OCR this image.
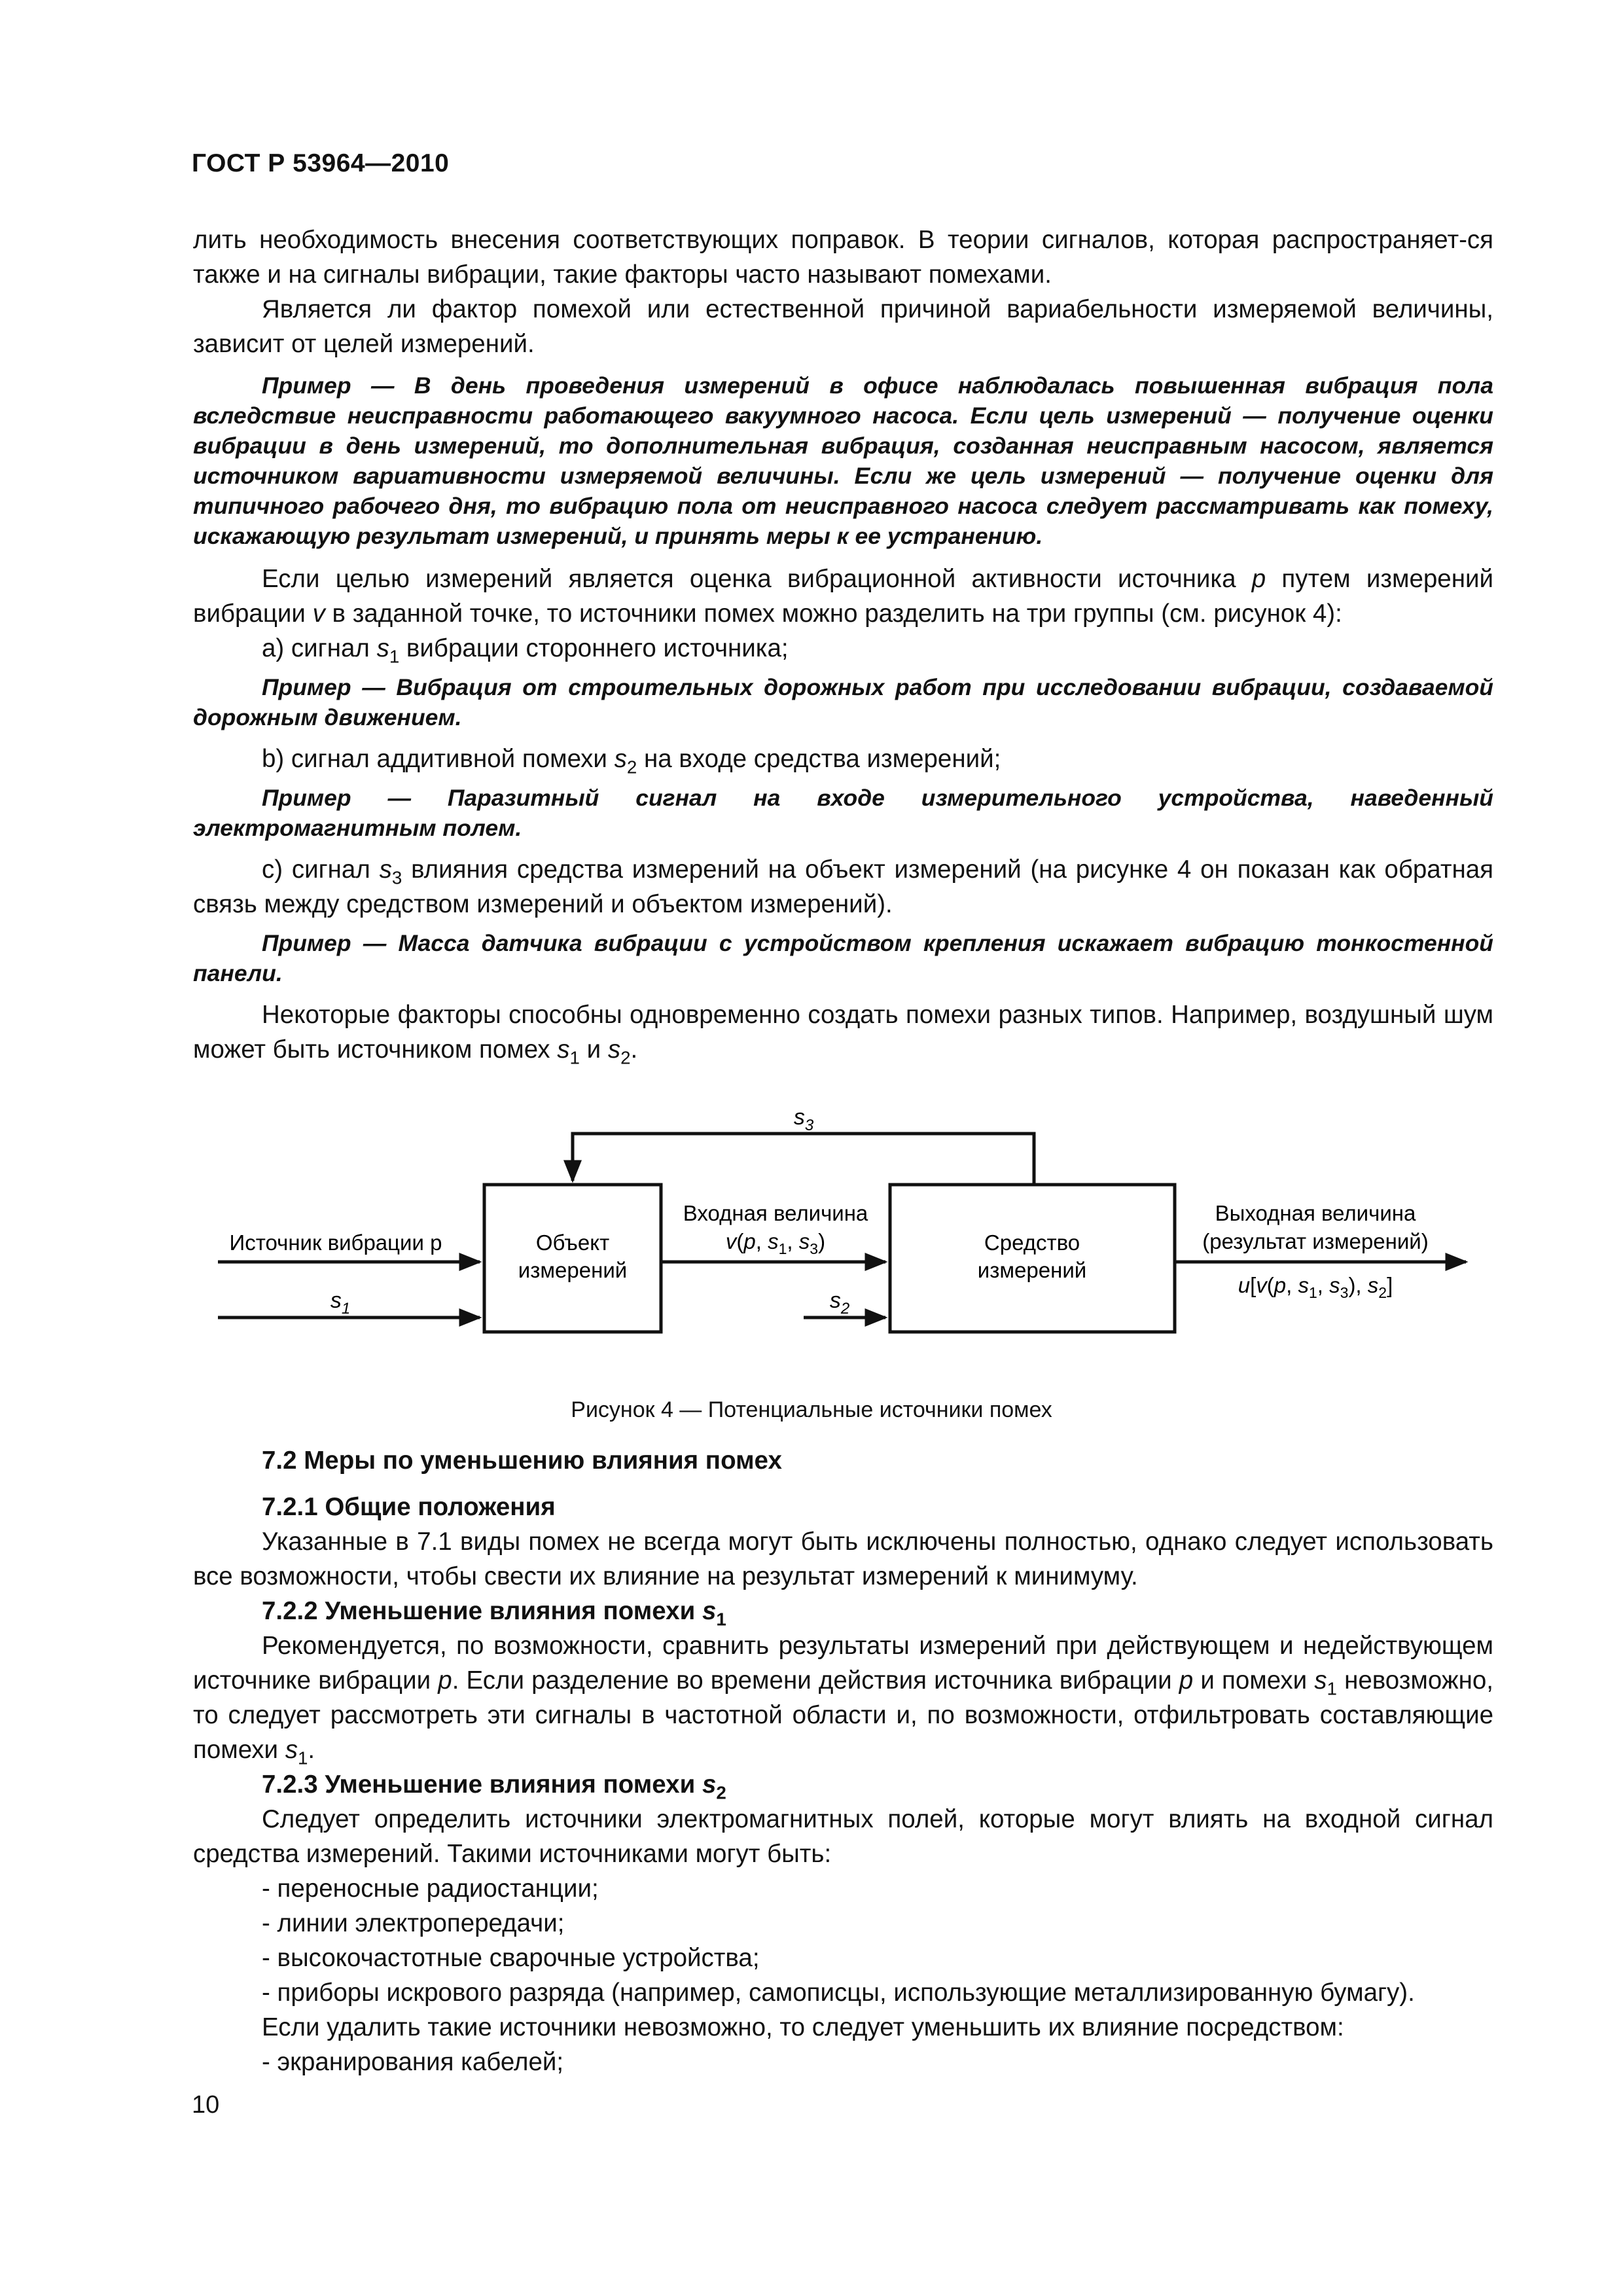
ГОСТ Р 53964—2010

лить необходимость внесения соответствующих поправок. В теории сигналов, которая распространяет-ся также и на сигналы вибрации, такие факторы часто называют помехами.

Является ли фактор помехой или естественной причиной вариабельности измеряемой величины, зависит от целей измерений.

Пример — В день проведения измерений в офисе наблюдалась повышенная вибрация пола вследствие неисправности работающего вакуумного насоса. Если цель измерений — получение оценки вибрации в день измерений, то дополнительная вибрация, созданная неисправным насосом, является источником вариативности измеряемой величины. Если же цель измерений — получение оценки для типичного рабочего дня, то вибрацию пола от неисправного насоса следует рассматривать как помеху, искажающую результат измерений, и принять меры к ее устранению.

Если целью измерений является оценка вибрационной активности источника p путем измерений вибрации v в заданной точке, то источники помех можно разделить на три группы (см. рисунок 4):

а) сигнал $s_1$ вибрации стороннего источника;

Пример — Вибрация от строительных дорожных работ при исследовании вибрации, создаваемой дорожным движением.

b) сигнал аддитивной помехи $s_2$ на входе средства измерений;

Пример — Паразитный сигнал на входе измерительного устройства, наведенный электромагнитным полем.

c) сигнал $s_3$ влияния средства измерений на объект измерений (на рисунке 4 он показан как обратная связь между средством измерений и объектом измерений).

Пример — Масса датчика вибрации с устройством крепления искажает вибрацию тонкостенной панели.

Некоторые факторы способны одновременно создать помехи разных типов. Например, воздушный шум может быть источником помех $s_1$ и $s_2$.

$s_3$
Источник вибрации p
$s_1$
Входная величина
v(p, $s_1$, $s_3$)
$s_2$
Выходная величина
(результат измерений)
u[v(p, $s_1$, $s_3$), $s_2$]
Объект
измерений
Средство
измерений
Рисунок 4 — Потенциальные источники помех

7.2 Меры по уменьшению влияния помех

7.2.1 Общие положения

Указанные в 7.1 виды помех не всегда могут быть исключены полностью, однако следует использовать все возможности, чтобы свести их влияние на результат измерений к минимуму.

7.2.2 Уменьшение влияния помехи $s_1$

Рекомендуется, по возможности, сравнить результаты измерений при действующем и недействующем источнике вибрации p. Если разделение во времени действия источника вибрации p и помехи $s_1$ невозможно, то следует рассмотреть эти сигналы в частотной области и, по возможности, отфильтровать составляющие помехи $s_1$.

7.2.3 Уменьшение влияния помехи $s_2$

Следует определить источники электромагнитных полей, которые могут влиять на входной сигнал средства измерений. Такими источниками могут быть:

- переносные радиостанции;

- линии электропередачи;

- высокочастотные сварочные устройства;

- приборы искрового разряда (например, самописцы, использующие металлизированную бумагу).

Если удалить такие источники невозможно, то следует уменьшить их влияние посредством:

- экранирования кабелей;

10
